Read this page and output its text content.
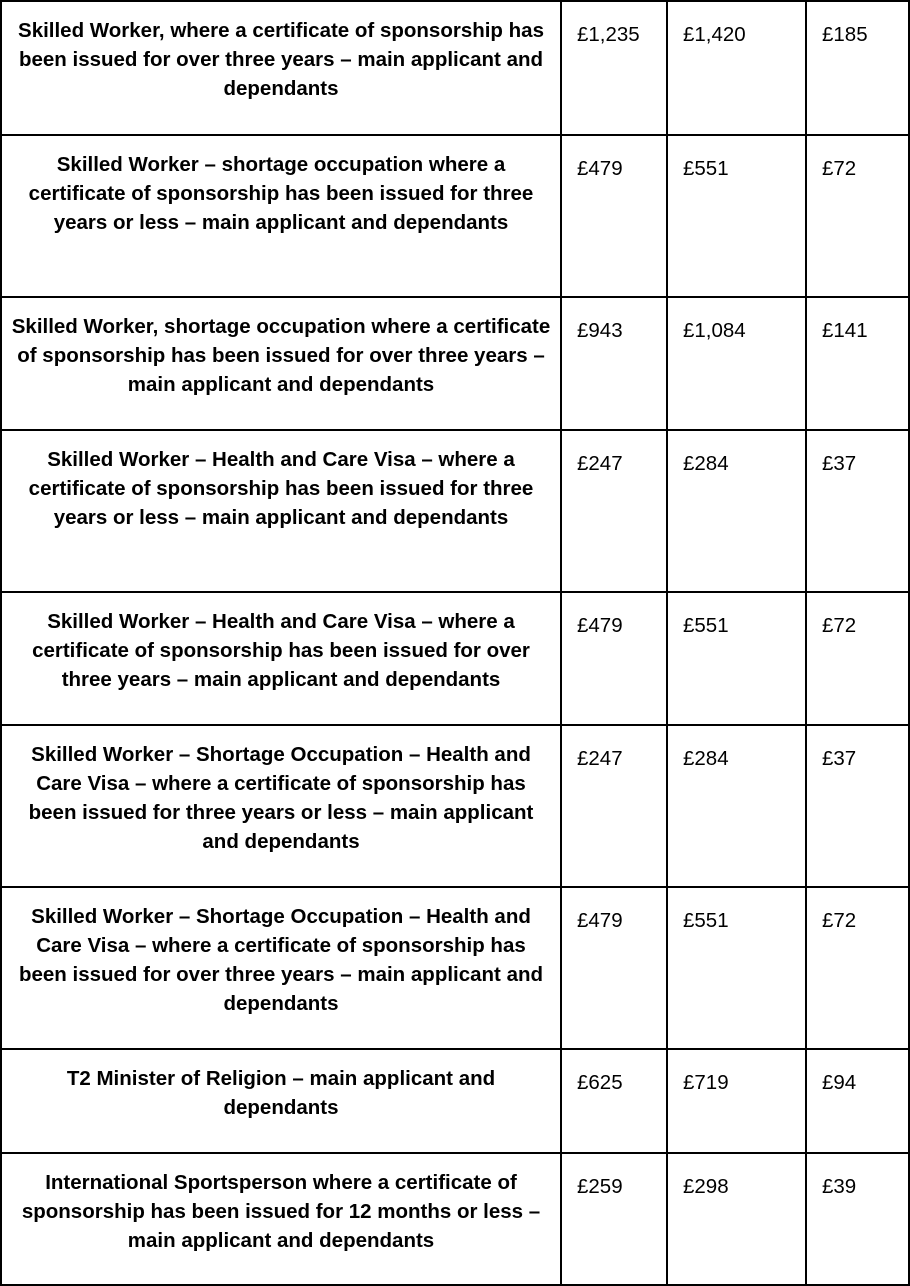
Skilled Worker, where a certificate of sponsorship has been issued for over three years – main applicant and dependants	£1,235	£1,420	£185
Skilled Worker – shortage occupation where a certificate of sponsorship has been issued for three years or less – main applicant and dependants	£479	£551	£72
Skilled Worker, shortage occupation where a certificate of sponsorship has been issued for over three years – main applicant and dependants	£943	£1,084	£141
Skilled Worker – Health and Care Visa – where a certificate of sponsorship has been issued for three years or less – main applicant and dependants	£247	£284	£37
Skilled Worker – Health and Care Visa – where a certificate of sponsorship has been issued for over three years – main applicant and dependants	£479	£551	£72
Skilled Worker – Shortage Occupation – Health and Care Visa – where a certificate of sponsorship has been issued for three years or less – main applicant and dependants	£247	£284	£37
Skilled Worker – Shortage Occupation – Health and Care Visa – where a certificate of sponsorship has been issued for over three years – main applicant and dependants	£479	£551	£72
T2 Minister of Religion – main applicant and dependants	£625	£719	£94
International Sportsperson where a certificate of sponsorship has been issued for 12 months or less – main applicant and dependants	£259	£298	£39
